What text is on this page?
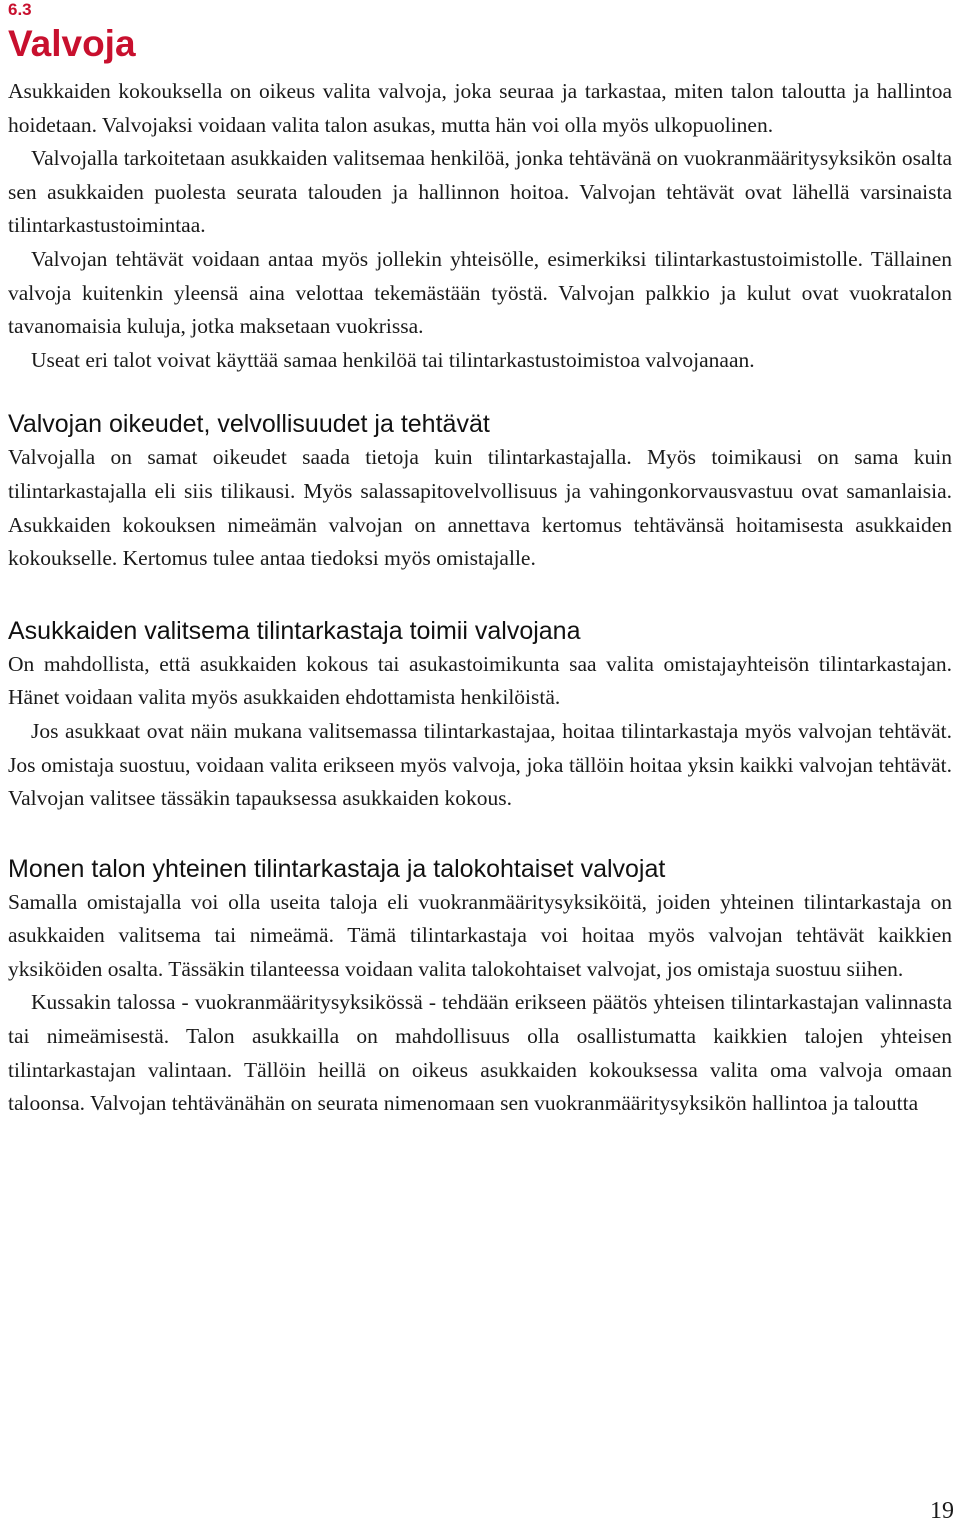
6.3
Valvoja

Asukkaiden kokouksella on oikeus valita valvoja, joka seuraa ja tarkastaa, miten talon taloutta ja hallintoa hoidetaan. Valvojaksi voidaan valita talon asukas, mutta hän voi olla myös ulkopuolinen.

Valvojalla tarkoitetaan asukkaiden valitsemaa henkilöä, jonka tehtävänä on vuokranmääritysyksikön osalta sen asukkaiden puolesta seurata talouden ja hallinnon hoitoa. Valvojan tehtävät ovat lähellä varsinaista tilintarkastustoimintaa.

Valvojan tehtävät voidaan antaa myös jollekin yhteisölle, esimerkiksi tilintarkastustoimistolle. Tällainen valvoja kuitenkin yleensä aina velottaa tekemästään työstä. Valvojan palkkio ja kulut ovat vuokratalon tavanomaisia kuluja, jotka maksetaan vuokrissa.

Useat eri talot voivat käyttää samaa henkilöä tai tilintarkastustoimistoa valvojanaan.

Valvojan oikeudet, velvollisuudet ja tehtävät

Valvojalla on samat oikeudet saada tietoja kuin tilintarkastajalla. Myös toimikausi on sama kuin tilintarkastajalla eli siis tilikausi. Myös salassapitovelvollisuus ja vahingonkorvausvastuu ovat samanlaisia. Asukkaiden kokouksen nimeämän valvojan on annettava kertomus tehtävänsä hoitamisesta asukkaiden kokoukselle. Kertomus tulee antaa tiedoksi myös omistajalle.

Asukkaiden valitsema tilintarkastaja toimii valvojana

On mahdollista, että asukkaiden kokous tai asukastoimikunta saa valita omistajayhteisön tilintarkastajan. Hänet voidaan valita myös asukkaiden ehdottamista henkilöistä.

Jos asukkaat ovat näin mukana valitsemassa tilintarkastajaa, hoitaa tilintarkastaja myös valvojan tehtävät. Jos omistaja suostuu, voidaan valita erikseen myös valvoja, joka tällöin hoitaa yksin kaikki valvojan tehtävät. Valvojan valitsee tässäkin tapauksessa asukkaiden kokous.

Monen talon yhteinen tilintarkastaja ja talokohtaiset valvojat

Samalla omistajalla voi olla useita taloja eli vuokranmääritysyksiköitä, joiden yhteinen tilintarkastaja on asukkaiden valitsema tai nimeämä. Tämä tilintarkastaja voi hoitaa myös valvojan tehtävät kaikkien yksiköiden osalta. Tässäkin tilanteessa voidaan valita talokohtaiset valvojat, jos omistaja suostuu siihen.

Kussakin talossa - vuokranmääritysyksikössä - tehdään erikseen päätös yhteisen tilintarkastajan valinnasta tai nimeämisestä. Talon asukkailla on mahdollisuus olla osallistumatta kaikkien talojen yhteisen tilintarkastajan valintaan. Tällöin heillä on oikeus asukkaiden kokouksessa valita oma valvoja omaan taloonsa. Valvojan tehtävänähän on seurata nimenomaan sen vuokranmääritysyksikön hallintoa ja taloutta

19
